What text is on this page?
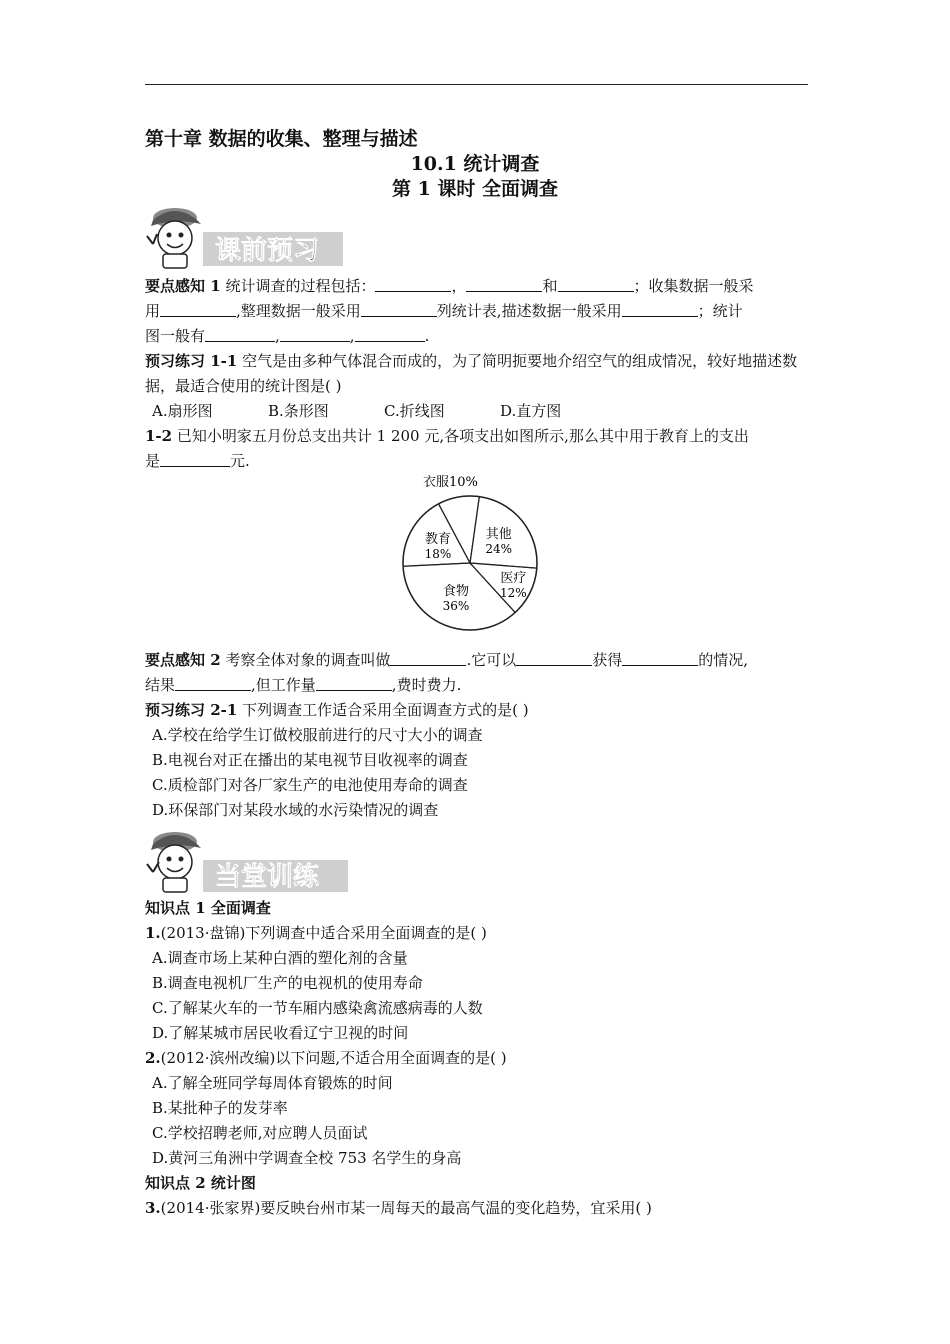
第十章 数据的收集、整理与描述
10.1 统计调查
第 1 课时 全面调查
课前预习

要点感知 1 统计调查的过程包括：	，	和	；收集数据一般采

用	,整理数据一般采用	列统计表,描述数据一般采用	；统计

图一般有	,	,	.

预习练习 1-1 空气是由多种气体混合而成的，为了简明扼要地介绍空气的组成情况，较好地描述数据，最适合使用的统计图是( )

A.扇形图	B.条形图	C.折线图	D.直方图

1-2 已知小明家五月份总支出共计 1 200 元,各项支出如图所示,那么其中用于教育上的支出

是	元.

衣服10%
其他
24%
医疗
12%
食物
36%
教育
18%

要点感知 2 考察全体对象的调查叫做	.它可以	获得	的情况,

结果	,但工作量	,费时费力.

预习练习 2-1 下列调查工作适合采用全面调查方式的是( )

A.学校在给学生订做校服前进行的尺寸大小的调查

B.电视台对正在播出的某电视节目收视率的调查

C.质检部门对各厂家生产的电池使用寿命的调查

D.环保部门对某段水域的水污染情况的调查

当堂训练

知识点 1 全面调查

1.(2013·盘锦)下列调查中适合采用全面调查的是( )

A.调查市场上某种白酒的塑化剂的含量

B.调查电视机厂生产的电视机的使用寿命

C.了解某火车的一节车厢内感染禽流感病毒的人数

D.了解某城市居民收看辽宁卫视的时间

2.(2012·滨州改编)以下问题,不适合用全面调查的是( )

A.了解全班同学每周体育锻炼的时间

B.某批种子的发芽率

C.学校招聘老师,对应聘人员面试

D.黄河三角洲中学调查全校 753 名学生的身高

知识点 2 统计图

3.(2014·张家界)要反映台州市某一周每天的最高气温的变化趋势，宜采用( )
